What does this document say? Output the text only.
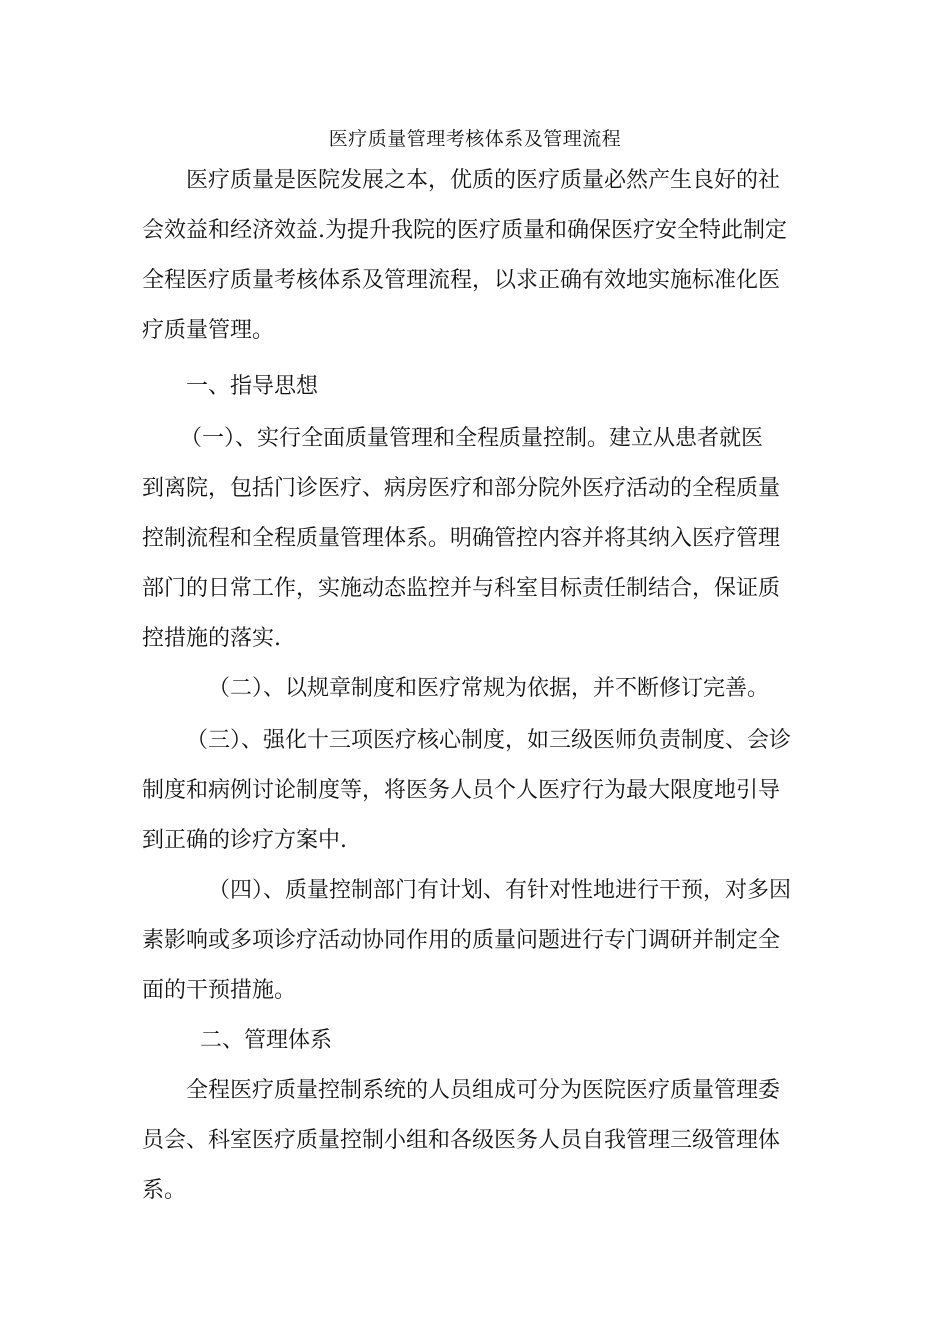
医疗质量管理考核体系及管理流程

医疗质量是医院发展之本，优质的医疗质量必然产生良好的社
会效益和经济效益.为提升我院的医疗质量和确保医疗安全特此制定
全程医疗质量考核体系及管理流程，以求正确有效地实施标准化医
疗质量管理。

一、指导思想

（一）、实行全面质量管理和全程质量控制。建立从患者就医
到离院，包括门诊医疗、病房医疗和部分院外医疗活动的全程质量
控制流程和全程质量管理体系。明确管控内容并将其纳入医疗管理
部门的日常工作，实施动态监控并与科室目标责任制结合，保证质
控措施的落实.

（二）、以规章制度和医疗常规为依据，并不断修订完善。

（三）、强化十三项医疗核心制度，如三级医师负责制度、会诊
制度和病例讨论制度等，将医务人员个人医疗行为最大限度地引导
到正确的诊疗方案中.

（四）、质量控制部门有计划、有针对性地进行干预，对多因
素影响或多项诊疗活动协同作用的质量问题进行专门调研并制定全
面的干预措施。

二、管理体系

全程医疗质量控制系统的人员组成可分为医院医疗质量管理委
员会、科室医疗质量控制小组和各级医务人员自我管理三级管理体
系。
